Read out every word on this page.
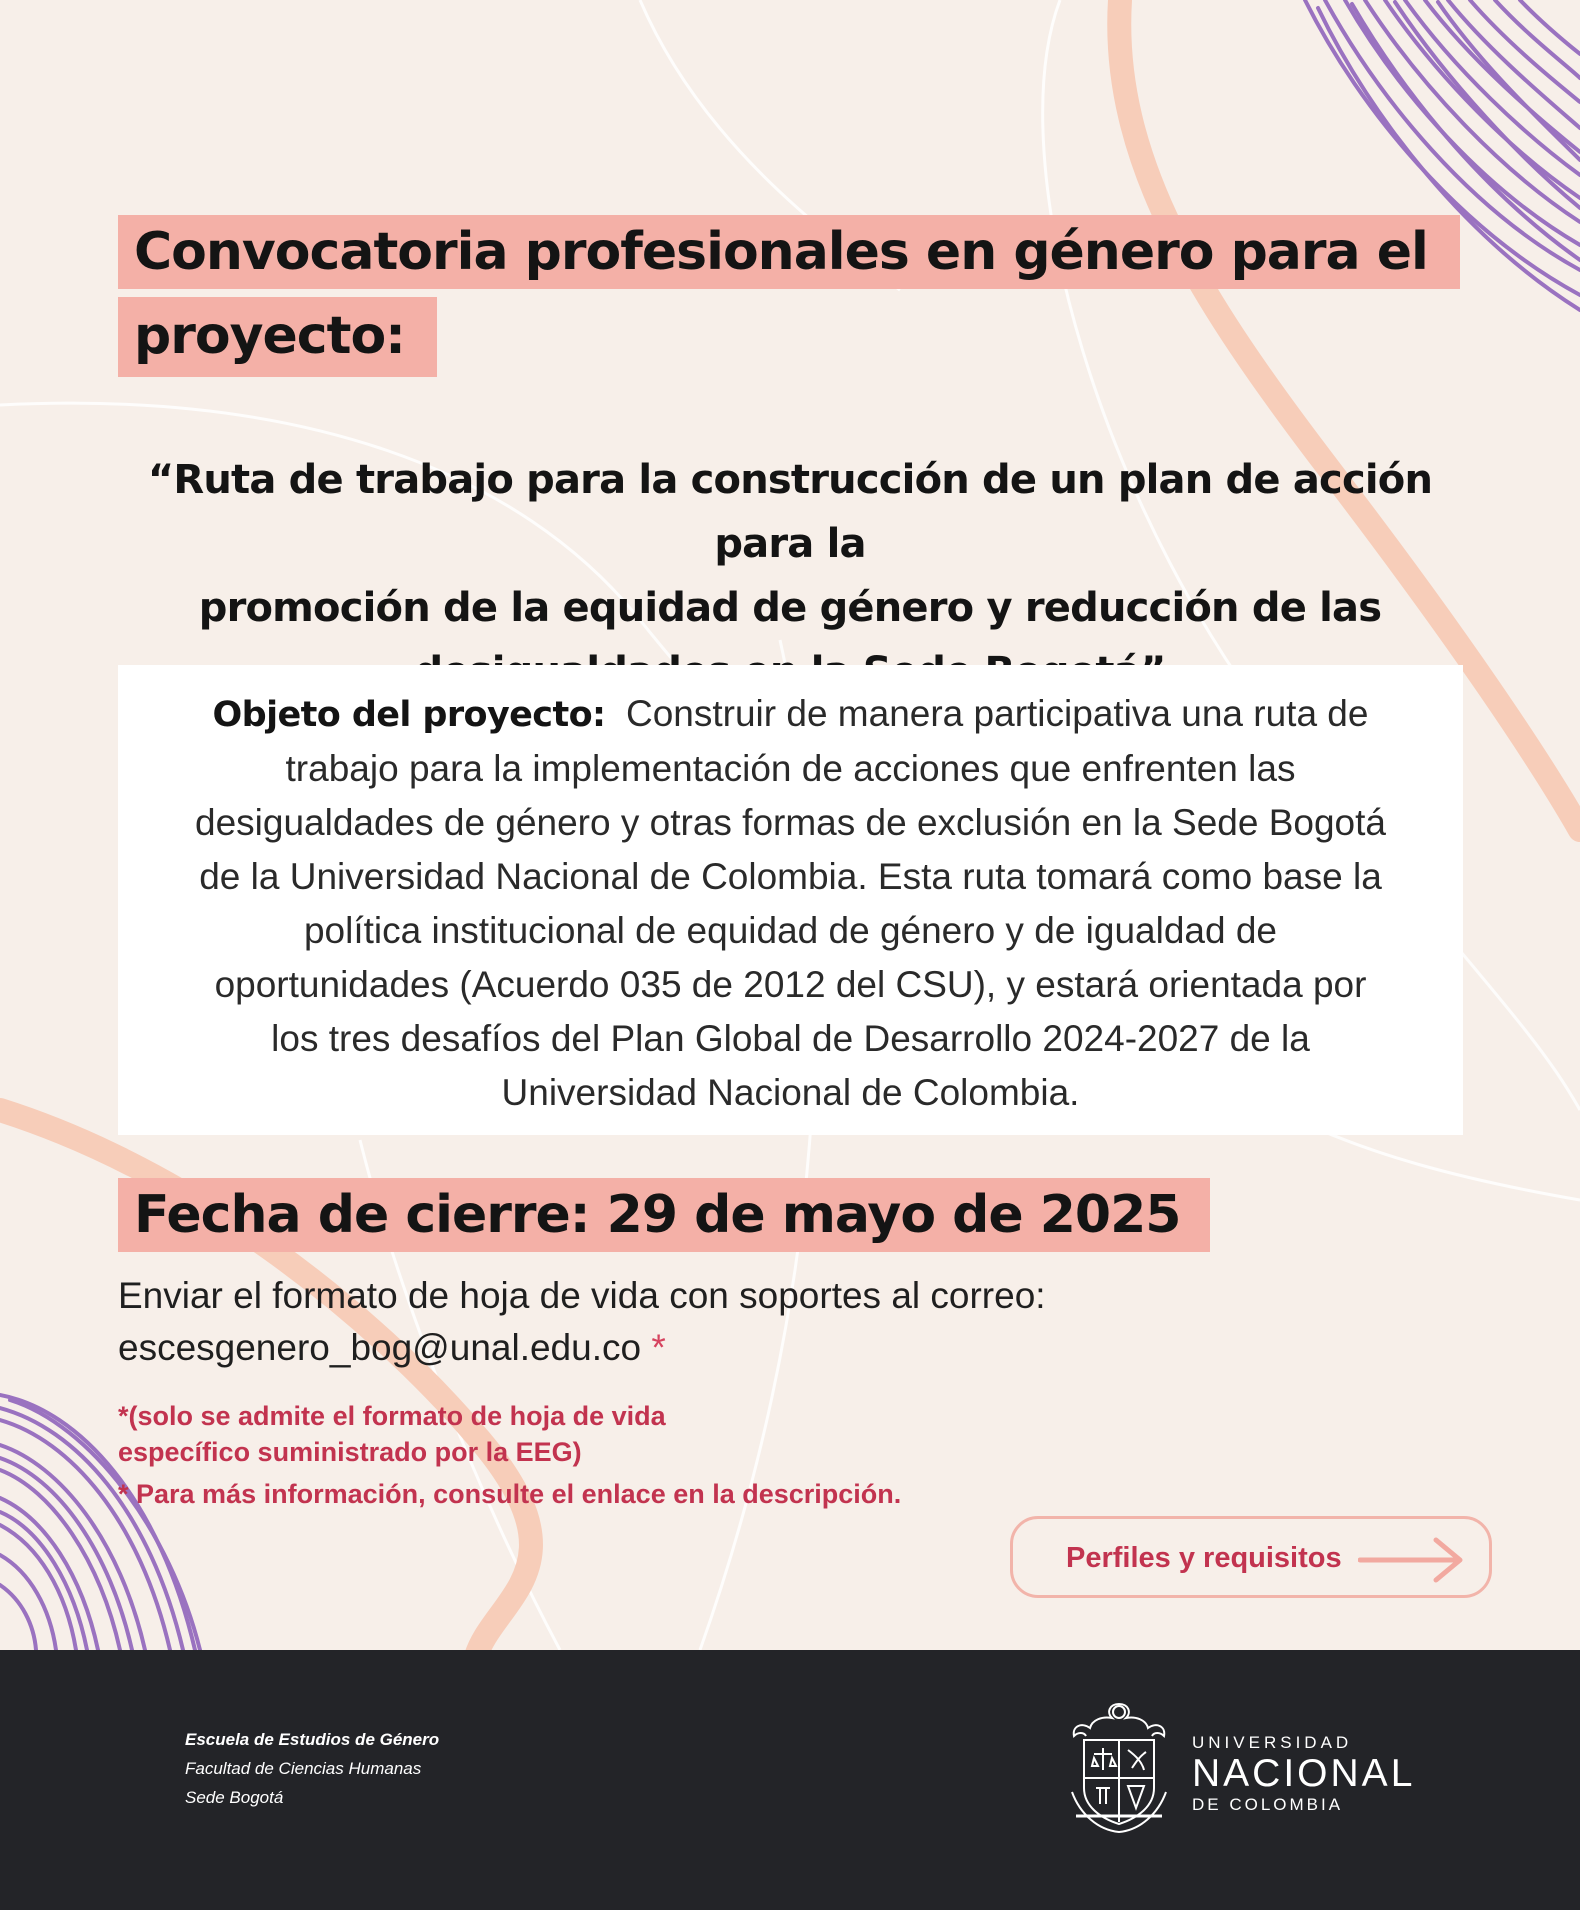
Convocatoria profesionales en género para el
proyecto:
“Ruta de trabajo para la construcción de un plan de acción para la
promoción de la equidad de género y reducción de las
Objeto del proyecto: Construir de manera participativa una ruta de
trabajo para la implementación de acciones que enfrenten las
desigualdades de género y otras formas de exclusión en la Sede Bogotá
de la Universidad Nacional de Colombia. Esta ruta tomará como base la
política institucional de equidad de género y de igualdad de
oportunidades (Acuerdo 035 de 2012 del CSU), y estará orientada por
los tres desafíos del Plan Global de Desarrollo 2024-2027 de la
Universidad Nacional de Colombia.
Fecha de cierre: 29 de mayo de 2025
Enviar el formato de hoja de vida con soportes al correo:
escesgenero_bog@unal.edu.co *
*(solo se admite el formato de hoja de vida
específico suministrado por la EEG)
* Para más información, consulte el enlace en la descripción.
Perfiles y requisitos
Escuela de Estudios de Género
Facultad de Ciencias Humanas
Sede Bogotá
UNIVERSIDAD
NACIONAL
DE COLOMBIA
